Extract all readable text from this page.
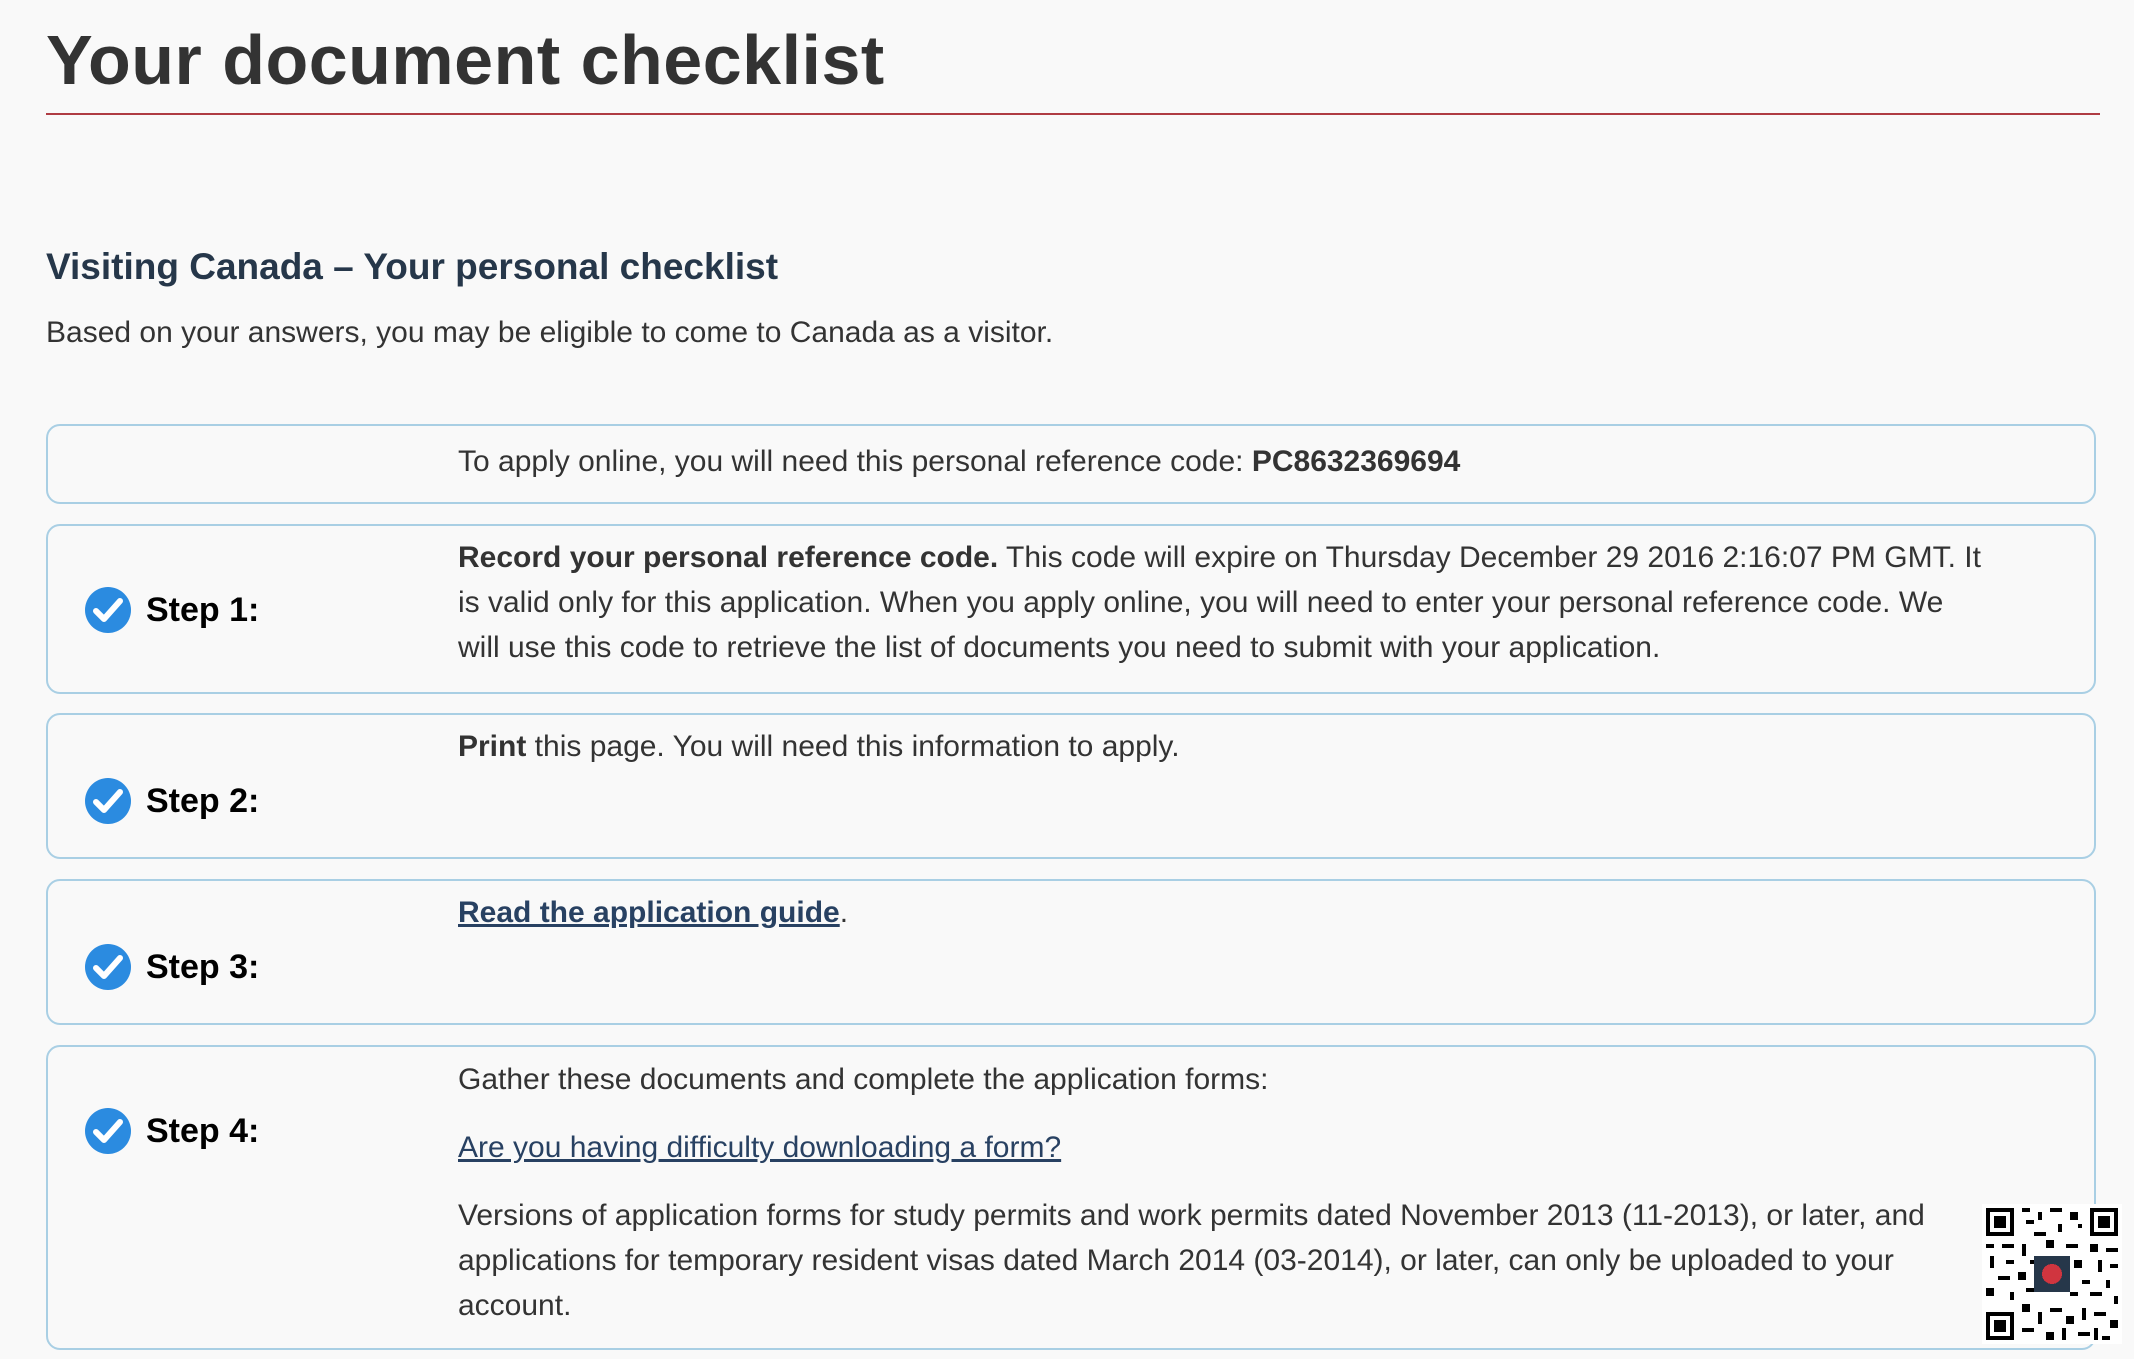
Your document checklist
Visiting Canada – Your personal checklist

Based on your answers, you may be eligible to come to Canada as a visitor.

To apply online, you will need this personal reference code: PC8632369694

Step 1:

Record your personal reference code. This code will expire on Thursday December 29 2016 2:16:07 PM GMT. It is valid only for this application. When you apply online, you will need to enter your personal reference code. We will use this code to retrieve the list of documents you need to submit with your application.

Step 2:

Print this page. You will need this information to apply.

Step 3:

Read the application guide.

Step 4:

Gather these documents and complete the application forms:

Are you having difficulty downloading a form?

Versions of application forms for study permits and work permits dated November 2013 (11-2013), or later, and applications for temporary resident visas dated March 2014 (03-2014), or later, can only be uploaded to your account.
